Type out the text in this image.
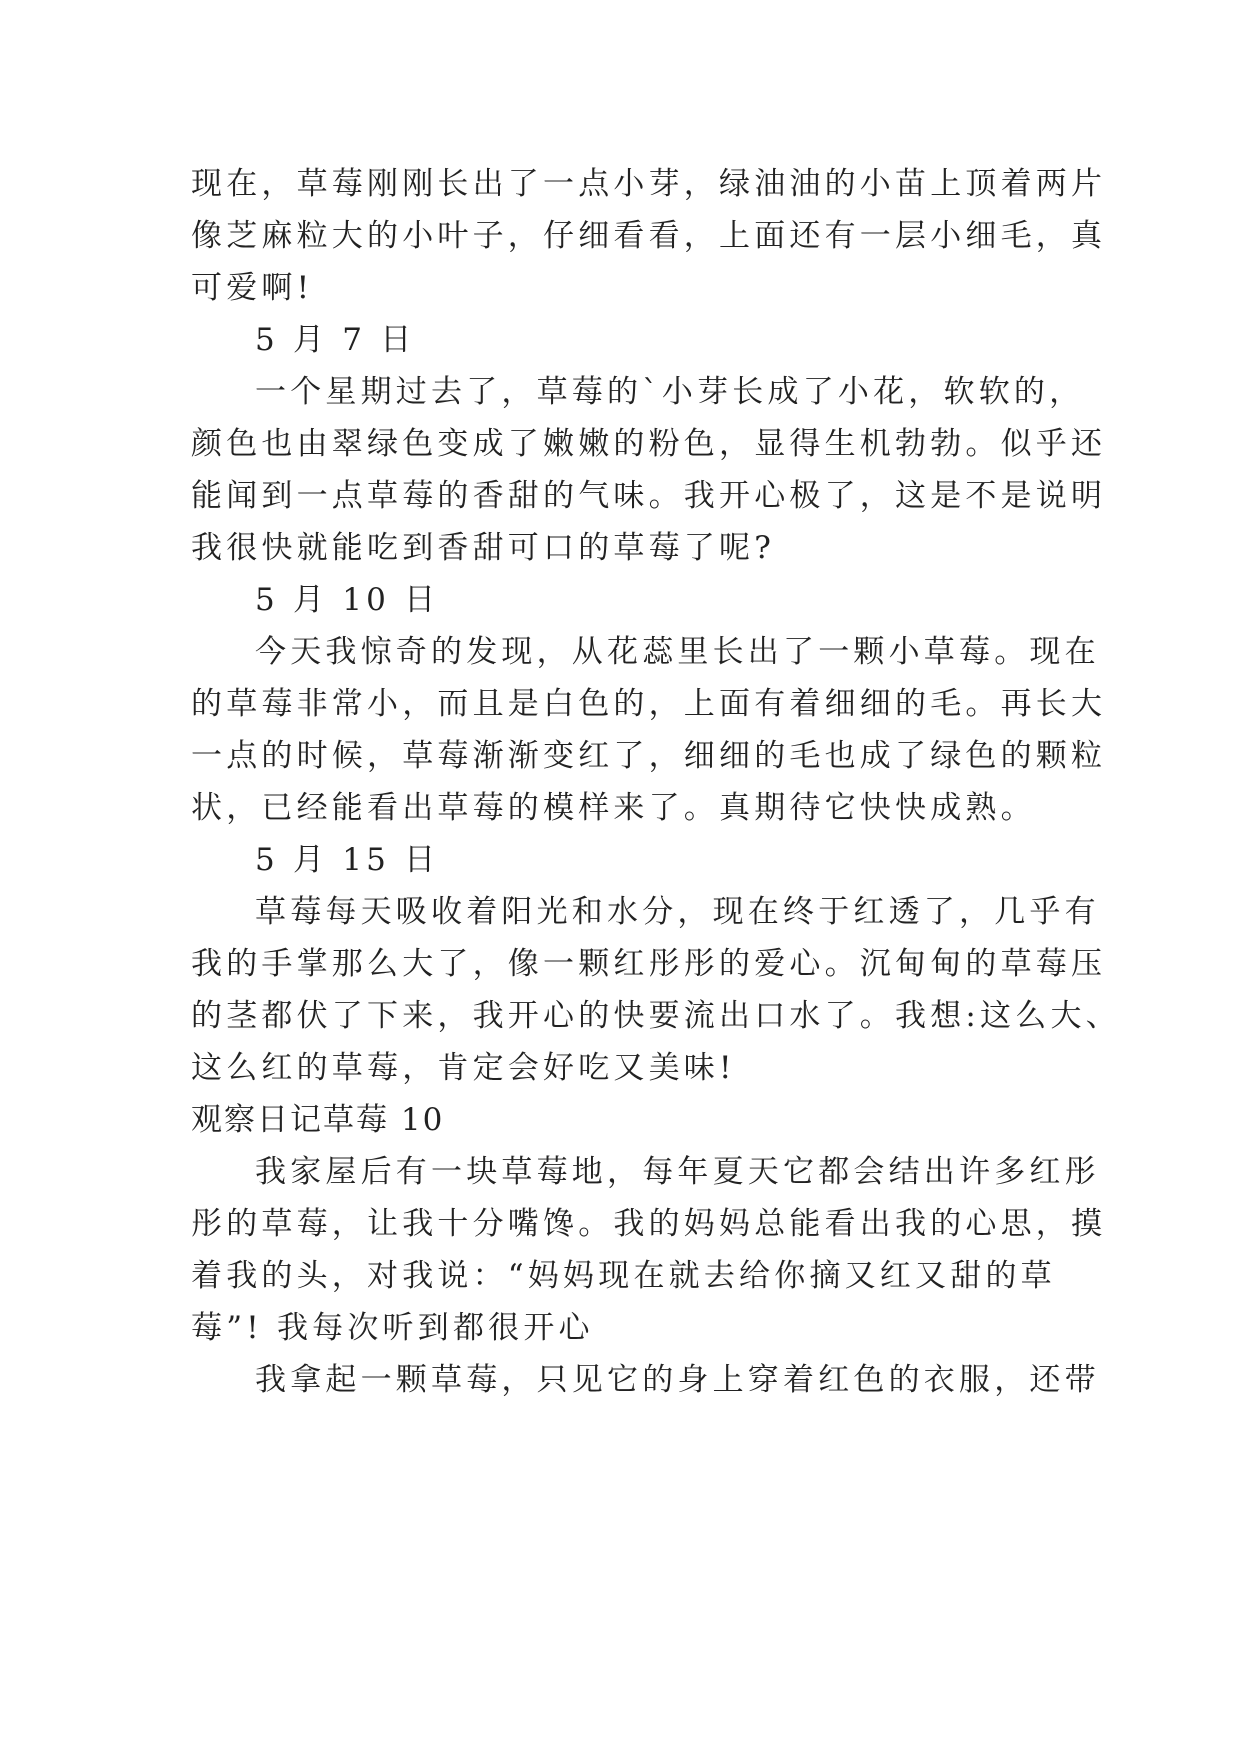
现在，草莓刚刚长出了一点小芽，绿油油的小苗上顶着两片
像芝麻粒大的小叶子，仔细看看，上面还有一层小细毛，真
可爱啊!
5 月 7 日
一个星期过去了，草莓的`小芽长成了小花，软软的，
颜色也由翠绿色变成了嫩嫩的粉色，显得生机勃勃。似乎还
能闻到一点草莓的香甜的气味。我开心极了，这是不是说明
我很快就能吃到香甜可口的草莓了呢?
5 月 10 日
今天我惊奇的发现，从花蕊里长出了一颗小草莓。现在
的草莓非常小，而且是白色的，上面有着细细的毛。再长大
一点的时候，草莓渐渐变红了，细细的毛也成了绿色的颗粒
状，已经能看出草莓的模样来了。真期待它快快成熟。
5 月 15 日
草莓每天吸收着阳光和水分，现在终于红透了，几乎有
我的手掌那么大了，像一颗红彤彤的爱心。沉甸甸的草莓压
的茎都伏了下来，我开心的快要流出口水了。我想:这么大、
这么红的草莓，肯定会好吃又美味!
观察日记草莓 10
我家屋后有一块草莓地，每年夏天它都会结出许多红彤
彤的草莓，让我十分嘴馋。我的妈妈总能看出我的心思，摸
着我的头，对我说：“妈妈现在就去给你摘又红又甜的草
莓”! 我每次听到都很开心
我拿起一颗草莓，只见它的身上穿着红色的衣服，还带
